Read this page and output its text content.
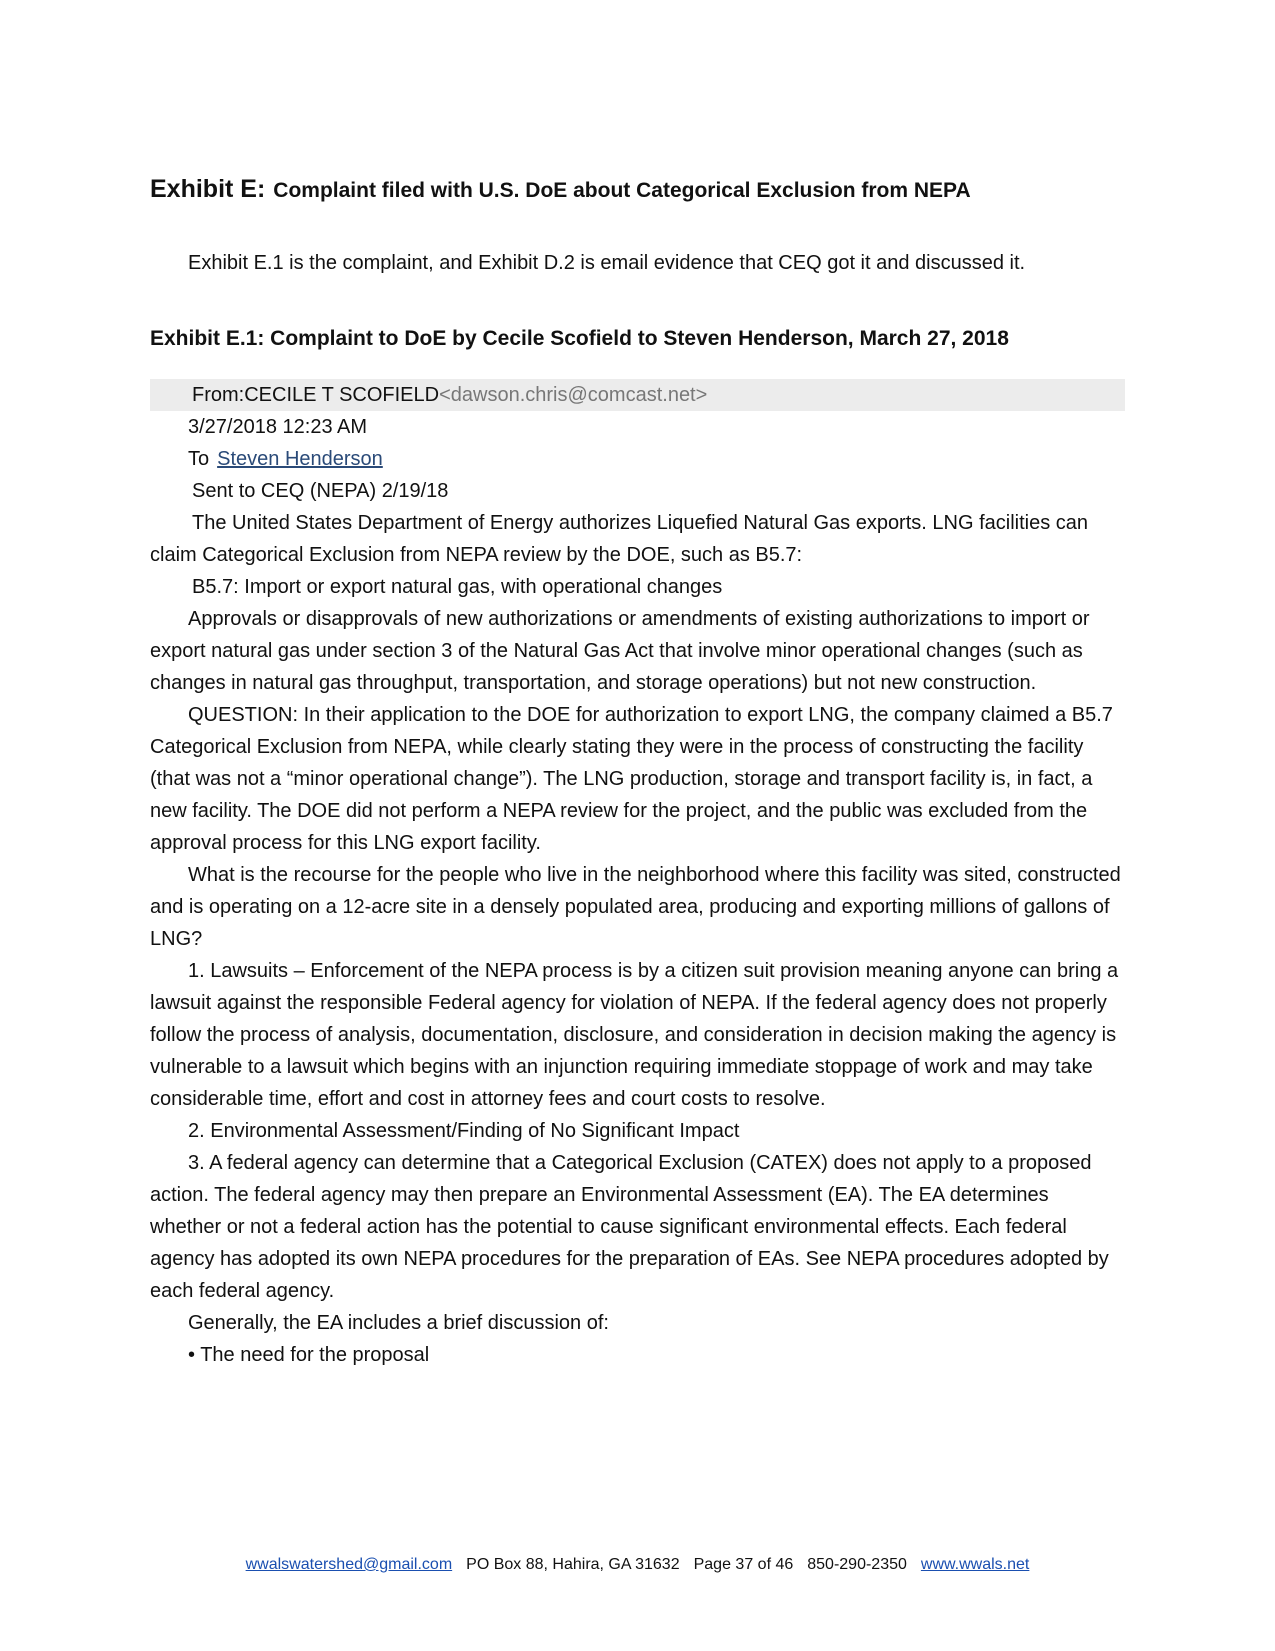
Exhibit E: Complaint filed with U.S. DoE about Categorical Exclusion from NEPA

Exhibit E.1 is the complaint, and Exhibit D.2 is email evidence that CEQ got it and discussed it.

Exhibit E.1: Complaint to DoE by Cecile Scofield to Steven Henderson, March 27, 2018
From:CECILE T SCOFIELD<dawson.chris@comcast.net>
3/27/2018 12:23 AM
To Steven Henderson
Sent to CEQ (NEPA) 2/19/18

The United States Department of Energy authorizes Liquefied Natural Gas exports. LNG facilities can claim Categorical Exclusion from NEPA review by the DOE, such as B5.7:

B5.7: Import or export natural gas, with operational changes

Approvals or disapprovals of new authorizations or amendments of existing authorizations to import or export natural gas under section 3 of the Natural Gas Act that involve minor operational changes (such as changes in natural gas throughput, transportation, and storage operations) but not new construction.

QUESTION: In their application to the DOE for authorization to export LNG, the company claimed a B5.7 Categorical Exclusion from NEPA, while clearly stating they were in the process of constructing the facility (that was not a “minor operational change”). The LNG production, storage and transport facility is, in fact, a new facility. The DOE did not perform a NEPA review for the project, and the public was excluded from the approval process for this LNG export facility.

What is the recourse for the people who live in the neighborhood where this facility was sited, constructed and is operating on a 12-acre site in a densely populated area, producing and exporting millions of gallons of LNG?

1. Lawsuits – Enforcement of the NEPA process is by a citizen suit provision meaning anyone can bring a lawsuit against the responsible Federal agency for violation of NEPA. If the federal agency does not properly follow the process of analysis, documentation, disclosure, and consideration in decision making the agency is vulnerable to a lawsuit which begins with an injunction requiring immediate stoppage of work and may take considerable time, effort and cost in attorney fees and court costs to resolve.

2. Environmental Assessment/Finding of No Significant Impact

3. A federal agency can determine that a Categorical Exclusion (CATEX) does not apply to a proposed action. The federal agency may then prepare an Environmental Assessment (EA). The EA determines whether or not a federal action has the potential to cause significant environmental effects. Each federal agency has adopted its own NEPA procedures for the preparation of EAs. See NEPA procedures adopted by each federal agency.

Generally, the EA includes a brief discussion of:

• The need for the proposal

wwalswatershed@gmail.com PO Box 88, Hahira, GA 31632 Page 37 of 46 850-290-2350 www.wwals.net
